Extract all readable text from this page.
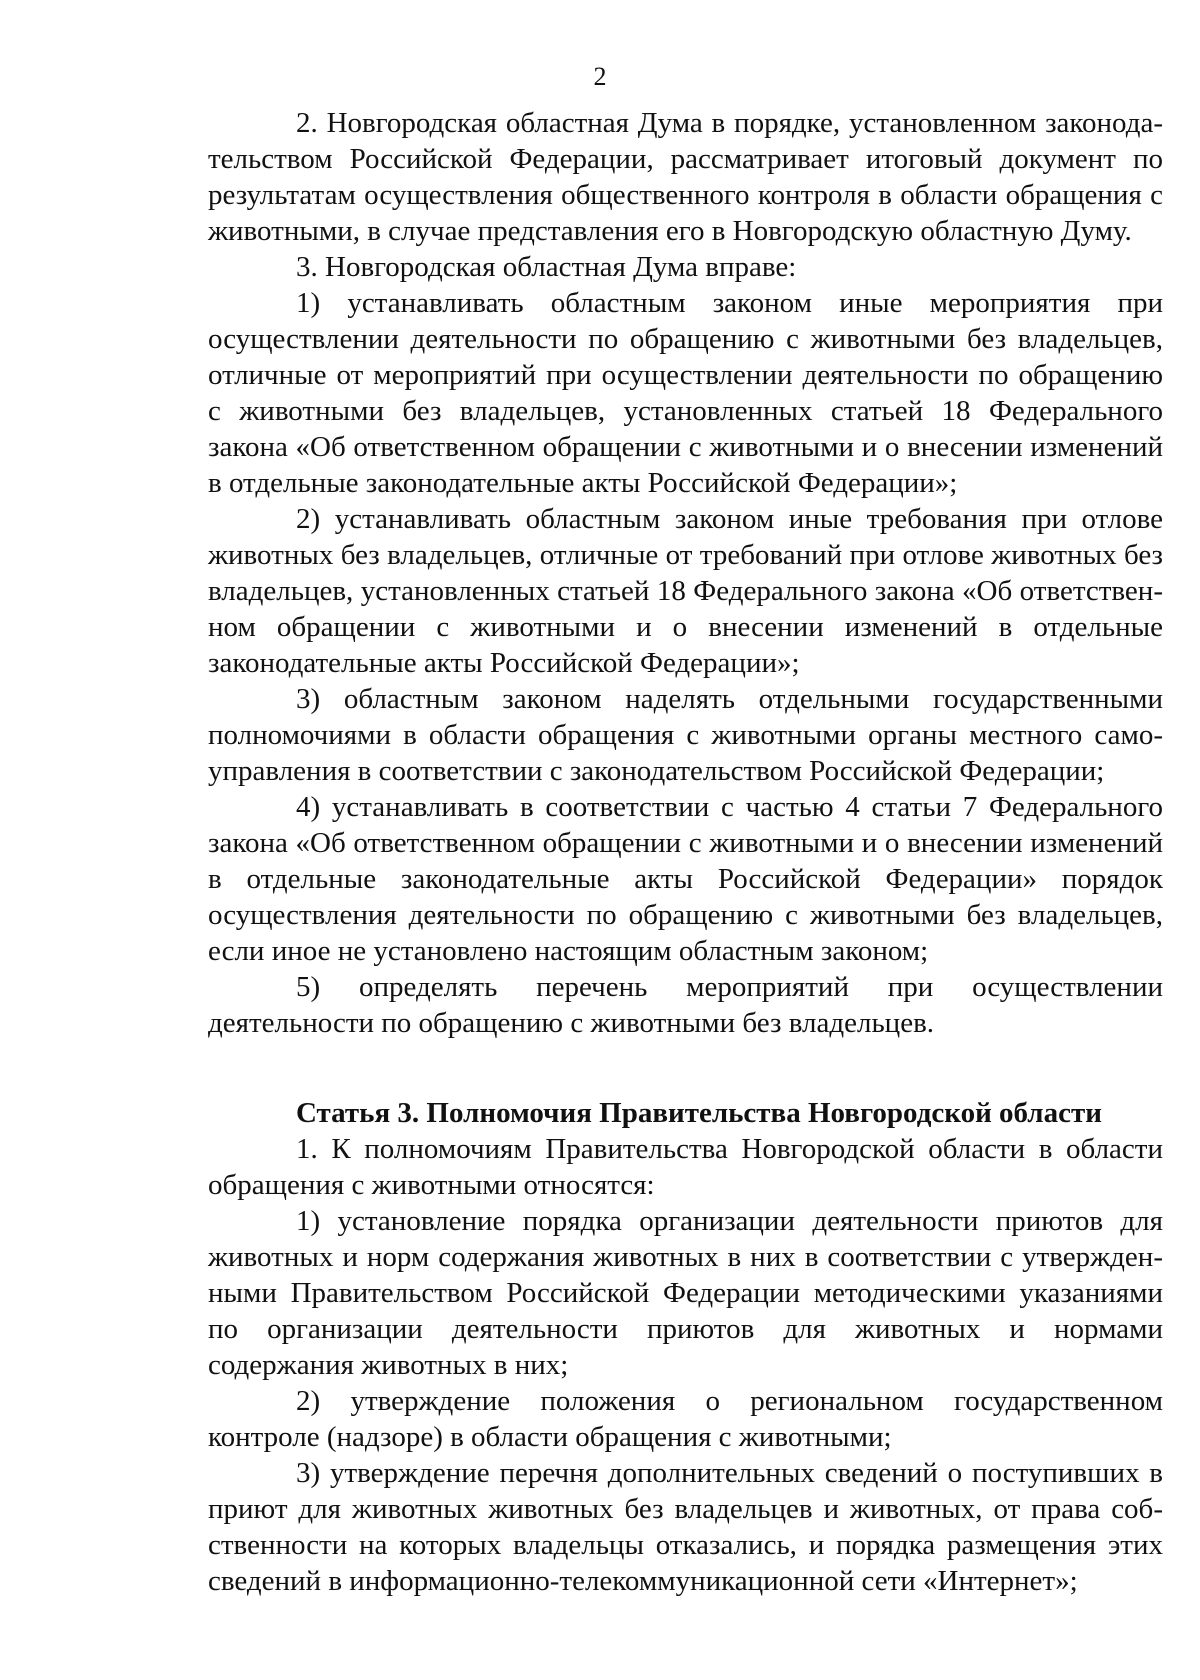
2

2. Новгородская областная Дума в порядке, установленном законодательством Российской Федерации, рассматривает итоговый документ по результатам осуществления общественного контроля в области обращения с животными, в случае представления его в Новгородскую областную Думу.

3. Новгородская областная Дума вправе:

1) устанавливать областным законом иные мероприятия при осуществлении деятельности по обращению с животными без владельцев, отличные от мероприятий при осуществлении деятельности по обращению с животными без владельцев, установленных статьей 18 Федерального закона «Об ответственном обращении с животными и о внесении изменений в отдельные законодательные акты Российской Федерации»;

2) устанавливать областным законом иные требования при отлове животных без владельцев, отличные от требований при отлове животных без владельцев, установленных статьей 18 Федерального закона «Об ответственном обращении с животными и о внесении изменений в отдельные законодательные акты Российской Федерации»;

3) областным законом наделять отдельными государственными полномочиями в области обращения с животными органы местного самоуправления в соответствии с законодательством Российской Федерации;

4) устанавливать в соответствии с частью 4 статьи 7 Федерального закона «Об ответственном обращении с животными и о внесении изменений в отдельные законодательные акты Российской Федерации» порядок осуществления деятельности по обращению с животными без владельцев, если иное не установлено настоящим областным законом;

5) определять перечень мероприятий при осуществлении деятельности по обращению с животными без владельцев.

Статья 3. Полномочия Правительства Новгородской области

1. К полномочиям Правительства Новгородской области в области обращения с животными относятся:

1) установление порядка организации деятельности приютов для животных и норм содержания животных в них в соответствии с утвержденными Правительством Российской Федерации методическими указаниями по организации деятельности приютов для животных и нормами содержания животных в них;

2) утверждение положения о региональном государственном контроле (надзоре) в области обращения с животными;

3) утверждение перечня дополнительных сведений о поступивших в приют для животных животных без владельцев и животных, от права собственности на которых владельцы отказались, и порядка размещения этих сведений в информационно-телекоммуникационной сети «Интернет»;
